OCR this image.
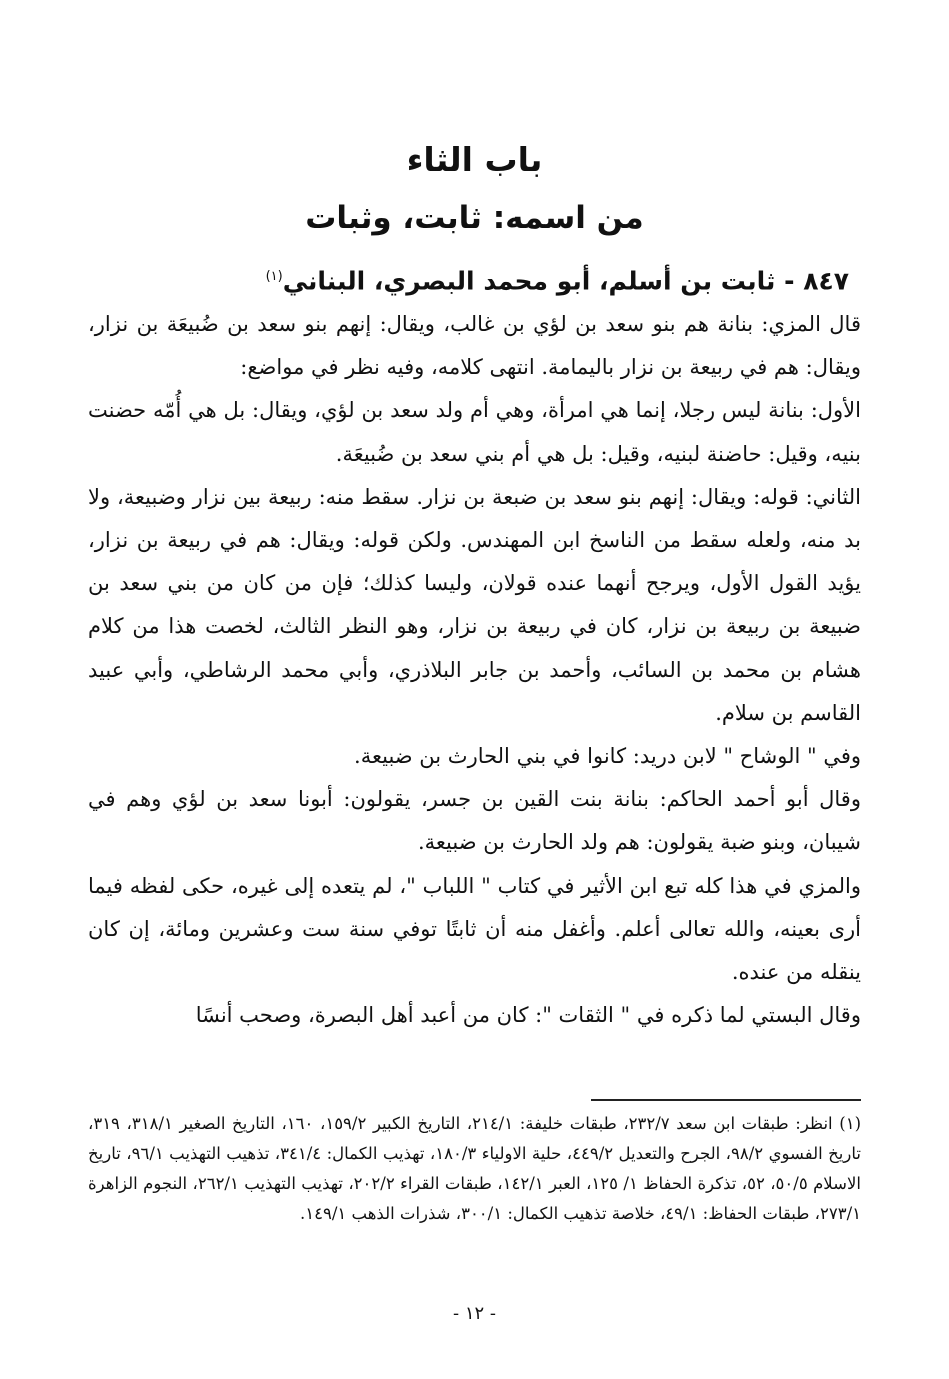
باب الثاء
من اسمه: ثابت، وثبات
٨٤٧ - ثابت بن أسلم، أبو محمد البصري، البناني$^{(١)}$

قال المزي: بنانة هم بنو سعد بن لؤي بن غالب، ويقال: إنهم بنو سعد بن ضُبيعَة بن نزار، ويقال: هم في ربيعة بن نزار باليمامة. انتهى كلامه، وفيه نظر في مواضع:

الأول: بنانة ليس رجلا، إنما هي امرأة، وهي أم ولد سعد بن لؤي، ويقال: بل هي أُمّه حضنت بنيه، وقيل: حاضنة لبنيه، وقيل: بل هي أم بني سعد بن ضُبيعَة.

الثاني: قوله: ويقال: إنهم بنو سعد بن ضبعة بن نزار. سقط منه: ربيعة بين نزار وضبيعة، ولا بد منه، ولعله سقط من الناسخ ابن المهندس. ولكن قوله: ويقال: هم في ربيعة بن نزار، يؤيد القول الأول، ويرجح أنهما عنده قولان، وليسا كذلك؛ فإن من كان من بني سعد بن ضبيعة بن ربيعة بن نزار، كان في ربيعة بن نزار، وهو النظر الثالث، لخصت هذا من كلام هشام بن محمد بن السائب، وأحمد بن جابر البلاذري، وأبي محمد الرشاطي، وأبي عبيد القاسم بن سلام.

وفي " الوشاح " لابن دريد: كانوا في بني الحارث بن ضبيعة.

وقال أبو أحمد الحاكم: بنانة بنت القين بن جسر، يقولون: أبونا سعد بن لؤي وهم في شيبان، وبنو ضبة يقولون: هم ولد الحارث بن ضبيعة.

والمزي في هذا كله تبع ابن الأثير في كتاب " اللباب "، لم يتعده إلى غيره، حكى لفظه فيما أرى بعينه، والله تعالى أعلم. وأغفل منه أن ثابتًا توفي سنة ست وعشرين ومائة، إن كان ينقله من عنده.

وقال البستي لما ذكره في " الثقات ": كان من أعبد أهل البصرة، وصحب أنسًا

(١) انظر: طبقات ابن سعد ٢٣٢/٧، طبقات خليفة: ٢١٤/١، التاريخ الكبير ١٥٩/٢، ١٦٠، التاريخ الصغير ٣١٨/١، ٣١٩، تاريخ الفسوي ٩٨/٢، الجرح والتعديل ٤٤٩/٢، حلية الاولياء ١٨٠/٣، تهذيب الكمال: ٣٤١/٤، تذهيب التهذيب ٩٦/١، تاريخ الاسلام ٥٠/٥، ٥٢، تذكرة الحفاظ ١/ ١٢٥، العبر ١٤٢/١، طبقات القراء ٢٠٢/٢، تهذيب التهذيب ٢٦٢/١، النجوم الزاهرة ٢٧٣/١، طبقات الحفاظ: ٤٩/١، خلاصة تذهيب الكمال: ٣٠٠/١، شذرات الذهب ١٤٩/١.

- ١٢ -
